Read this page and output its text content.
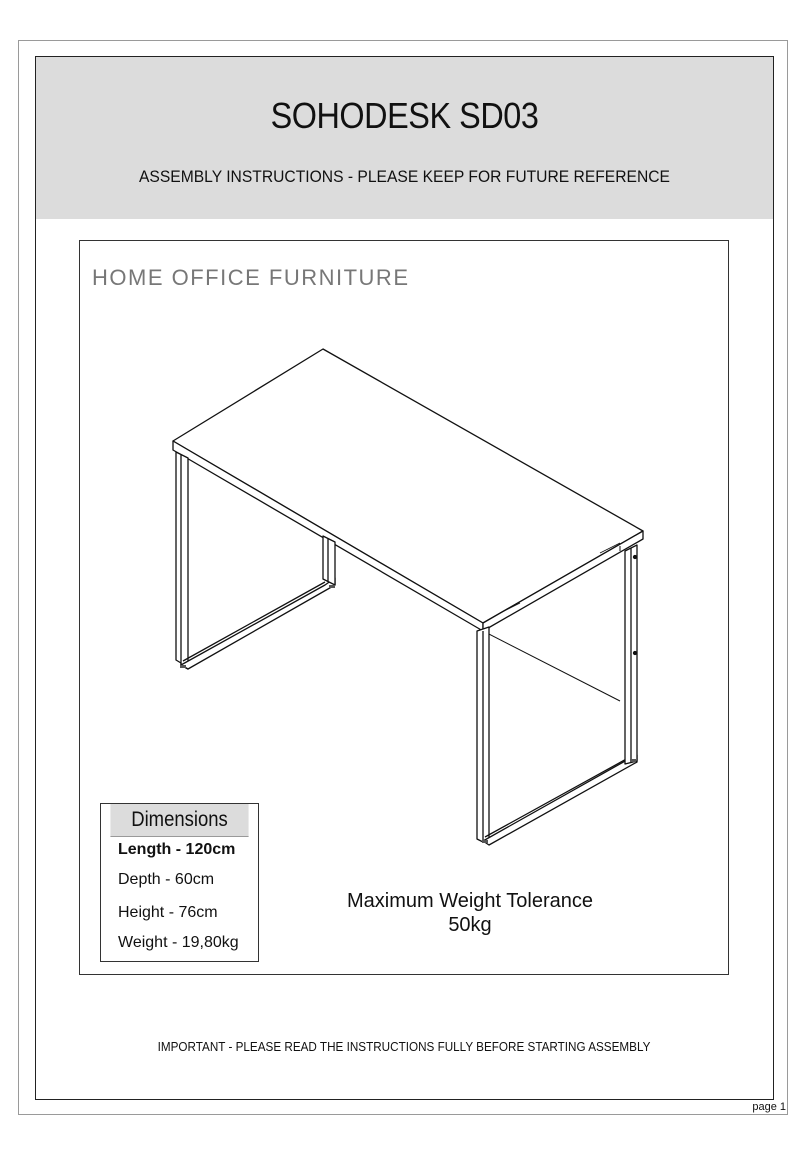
SOHODESK SD03
ASSEMBLY INSTRUCTIONS - PLEASE KEEP FOR FUTURE REFERENCE
HOME OFFICE FURNITURE
Dimensions
Length - 120cm
Depth - 60cm
Height - 76cm
Weight - 19,80kg
Maximum Weight Tolerance
50kg
IMPORTANT - PLEASE READ THE INSTRUCTIONS FULLY BEFORE STARTING ASSEMBLY
page 1
